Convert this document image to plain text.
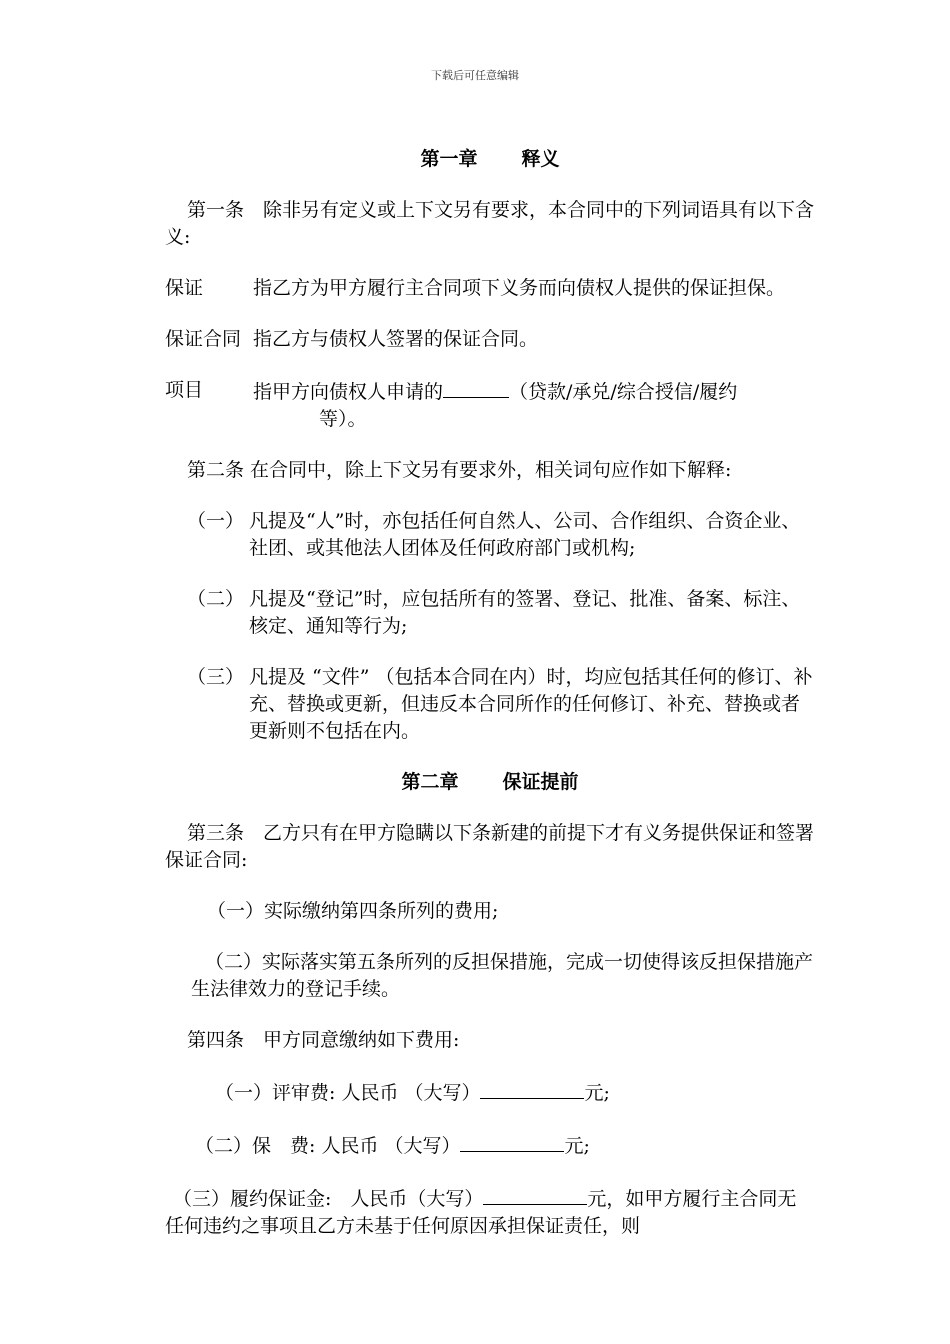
下载后可任意编辑
第一章 释义

第一条　除非另有定义或上下文另有要求，本合同中的下列词语具有以下含义:

保证	指乙方为甲方履行主合同项下义务而向债权人提供的保证担保。
保证合同 指乙方与债权人签署的保证合同。
项目	指甲方向债权人申请的	（贷款/承兑/综合授信/履约
等）。

第二条 在合同中，除上下文另有要求外，相关词句应作如下解释:

（一） 凡提及“人”时，亦包括任何自然人、公司、合作组织、合资企业、社团、或其他法人团体及任何政府部门或机构;
（二） 凡提及“登记”时，应包括所有的签署、登记、批准、备案、标注、核定、通知等行为;
（三） 凡提及 “文件” （包括本合同在内）时，均应包括其任何的修订、补充、替换或更新，但违反本合同所作的任何修订、补充、替换或者更新则不包括在内。
第二章 保证提前

第三条　乙方只有在甲方隐瞒以下条新建的前提下才有义务提供保证和签署保证合同:

（一）实际缴纳第四条所列的费用;

（二）实际落实第五条所列的反担保措施，完成一切使得该反担保措施产生法律效力的登记手续。

第四条　甲方同意缴纳如下费用:

（一）评审费: 人民币 （大写）	元;
（二）保　费: 人民币 （大写）	元;
（三）履约保证金:　人民币（大写）	元，如甲方履行主合同无任何违约之事项且乙方未基于任何原因承担保证责任，则
